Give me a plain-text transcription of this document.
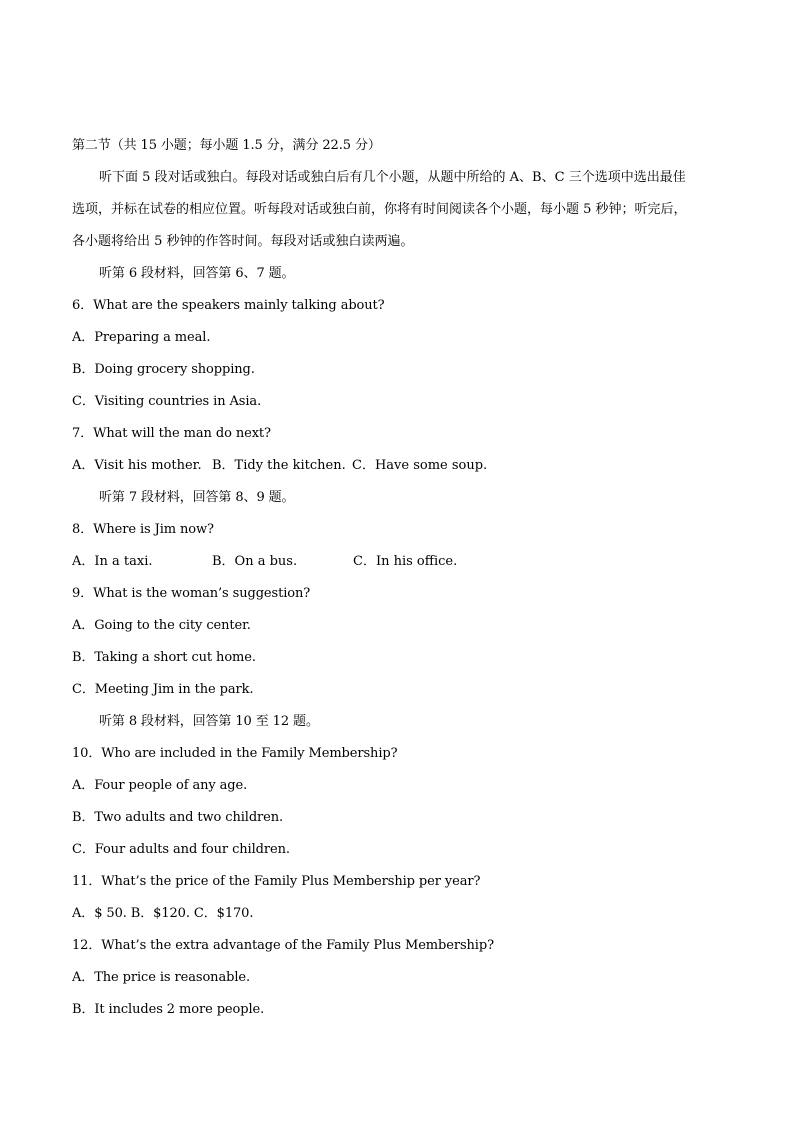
第二节（共 15 小题；每小题 1.5 分，满分 22.5 分）
听下面 5 段对话或独白。每段对话或独白后有几个小题，从题中所给的 A、B、C 三个选项中选出最佳
选项，并标在试卷的相应位置。听每段对话或独白前，你将有时间阅读各个小题，每小题 5 秒钟；听完后，
各小题将给出 5 秒钟的作答时间。每段对话或独白读两遍。
听第 6 段材料，回答第 6、7 题。
6．What are the speakers mainly talking about?
A．Preparing a meal.
B．Doing grocery shopping.
C．Visiting countries in Asia.
7．What will the man do next?
A．Visit his mother. B．Tidy the kitchen. C．Have some soup.
听第 7 段材料，回答第 8、9 题。
8．Where is Jim now?
A．In a taxi.	B．On a bus.	C．In his office.
9．What is the woman’s suggestion?
A．Going to the city center.
B．Taking a short cut home.
C．Meeting Jim in the park.
听第 8 段材料，回答第 10 至 12 题。
10．Who are included in the Family Membership?
A．Four people of any age.
B．Two adults and two children.
C．Four adults and four children.
11．What’s the price of the Family Plus Membership per year?
A．$ 50. B．$120. C．$170.
12．What’s the extra advantage of the Family Plus Membership?
A．The price is reasonable.
B．It includes 2 more people.
